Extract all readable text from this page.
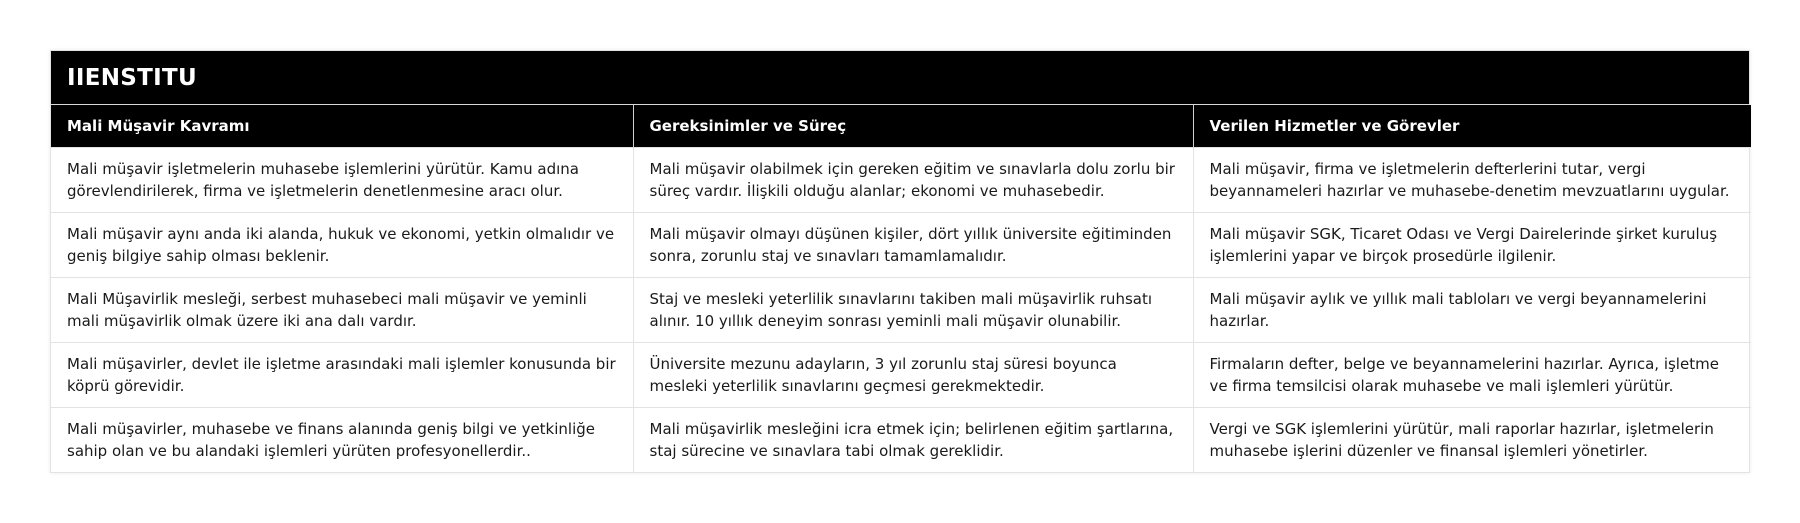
IIENSTITU
Mali Müşavir Kavramı	Gereksinimler ve Süreç	Verilen Hizmetler ve Görevler
Mali müşavir işletmelerin muhasebe işlemlerini yürütür. Kamu adına görevlendirilerek, firma ve işletmelerin denetlenmesine aracı olur.	Mali müşavir olabilmek için gereken eğitim ve sınavlarla dolu zorlu bir süreç vardır. İlişkili olduğu alanlar; ekonomi ve muhasebedir.	Mali müşavir, firma ve işletmelerin defterlerini tutar, vergi beyannameleri hazırlar ve muhasebe-denetim mevzuatlarını uygular.
Mali müşavir aynı anda iki alanda, hukuk ve ekonomi, yetkin olmalıdır ve geniş bilgiye sahip olması beklenir.	Mali müşavir olmayı düşünen kişiler, dört yıllık üniversite eğitiminden sonra, zorunlu staj ve sınavları tamamlamalıdır.	Mali müşavir SGK, Ticaret Odası ve Vergi Dairelerinde şirket kuruluş işlemlerini yapar ve birçok prosedürle ilgilenir.
Mali Müşavirlik mesleği, serbest muhasebeci mali müşavir ve yeminli mali müşavirlik olmak üzere iki ana dalı vardır.	Staj ve mesleki yeterlilik sınavlarını takiben mali müşavirlik ruhsatı alınır. 10 yıllık deneyim sonrası yeminli mali müşavir olunabilir.	Mali müşavir aylık ve yıllık mali tabloları ve vergi beyannamelerini hazırlar.
Mali müşavirler, devlet ile işletme arasındaki mali işlemler konusunda bir köprü görevidir.	Üniversite mezunu adayların, 3 yıl zorunlu staj süresi boyunca mesleki yeterlilik sınavlarını geçmesi gerekmektedir.	Firmaların defter, belge ve beyannamelerini hazırlar. Ayrıca, işletme ve firma temsilcisi olarak muhasebe ve mali işlemleri yürütür.
Mali müşavirler, muhasebe ve finans alanında geniş bilgi ve yetkinliğe sahip olan ve bu alandaki işlemleri yürüten profesyonellerdir..	Mali müşavirlik mesleğini icra etmek için; belirlenen eğitim şartlarına, staj sürecine ve sınavlara tabi olmak gereklidir.	Vergi ve SGK işlemlerini yürütür, mali raporlar hazırlar, işletmelerin muhasebe işlerini düzenler ve finansal işlemleri yönetirler.
